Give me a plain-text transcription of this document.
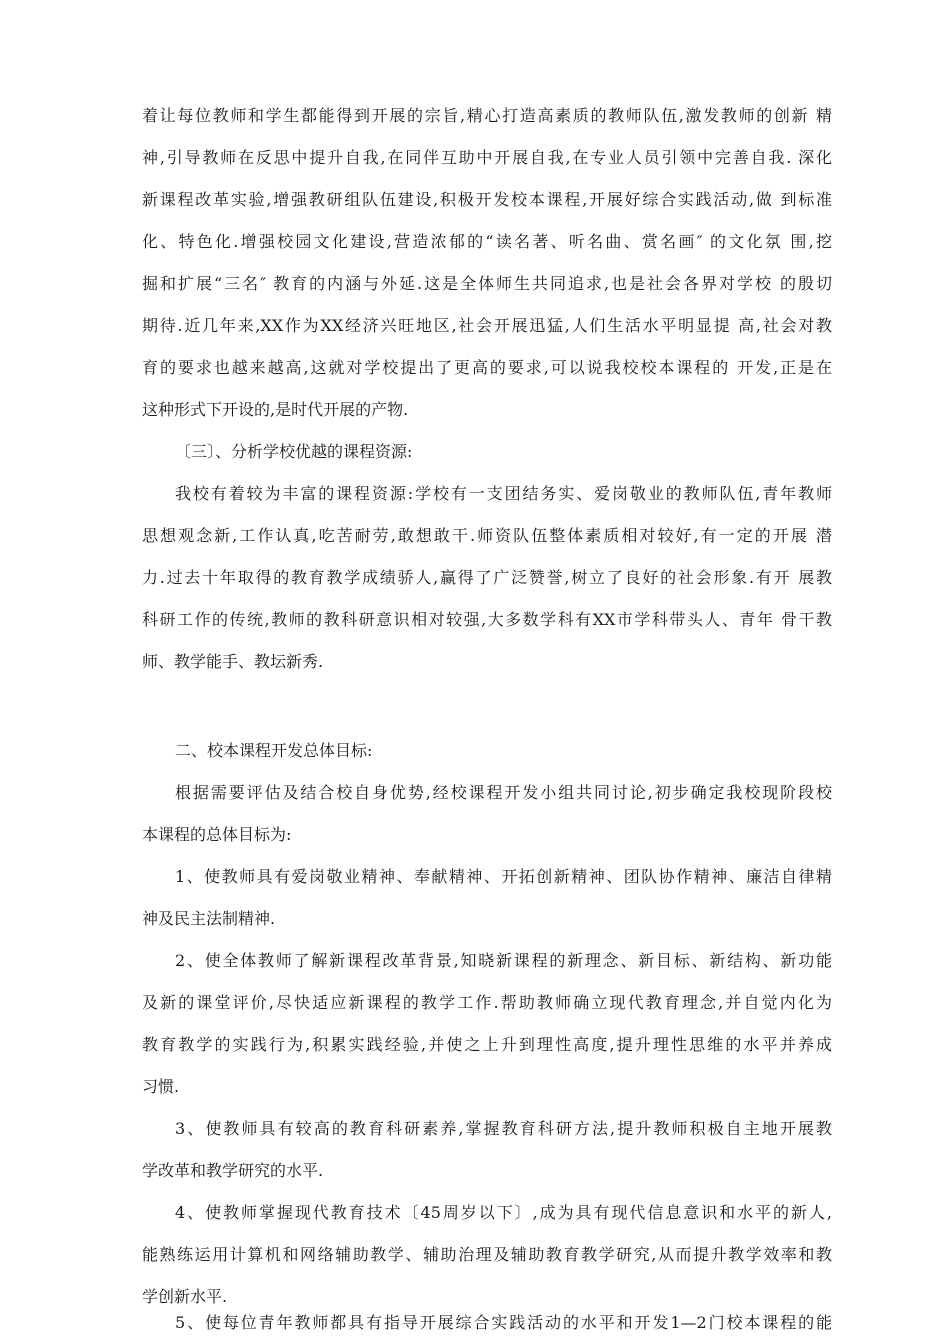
着让每位教师和学生都能得到开展的宗旨,精心打造高素质的教师队伍,激发教师的创新 精
神,引导教师在反思中提升自我,在同伴互助中开展自我,在专业人员引领中完善自我. 深化
新课程改革实验,增强教研组队伍建设,积极开发校本课程,开展好综合实践活动,做 到标准
化、特色化.增强校园文化建设,营造浓郁的“读名著、听名曲、赏名画″ 的文化氛 围,挖
掘和扩展“三名″ 教育的内涵与外延.这是全体师生共同追求,也是社会各界对学校 的殷切
期待.近几年来,XX作为XX经济兴旺地区,社会开展迅猛,人们生活水平明显提 高,社会对教
育的要求也越来越高,这就对学校提出了更高的要求,可以说我校校本课程的 开发,正是在
这种形式下开设的,是时代开展的产物.
〔三〕、分析学校优越的课程资源:
我校有着较为丰富的课程资源:学校有一支团结务实、爱岗敬业的教师队伍,青年教师
思想观念新,工作认真,吃苦耐劳,敢想敢干.师资队伍整体素质相对较好,有一定的开展 潜
力.过去十年取得的教育教学成绩骄人,赢得了广泛赞誉,树立了良好的社会形象.有开 展教
科研工作的传统,教师的教科研意识相对较强,大多数学科有XX市学科带头人、青年 骨干教
师、教学能手、教坛新秀.
二、校本课程开发总体目标:
根据需要评估及结合校自身优势,经校课程开发小组共同讨论,初步确定我校现阶段校
本课程的总体目标为:
1、使教师具有爱岗敬业精神、奉献精神、开拓创新精神、团队协作精神、廉洁自律精
神及民主法制精神.
2、使全体教师了解新课程改革背景,知晓新课程的新理念、新目标、新结构、新功能
及新的课堂评价,尽快适应新课程的教学工作.帮助教师确立现代教育理念,并自觉内化为
教育教学的实践行为,积累实践经验,并使之上升到理性高度,提升理性思维的水平并养成
习惯.
3、使教师具有较高的教育科研素养,掌握教育科研方法,提升教师积极自主地开展教
学改革和教学研究的水平.
4、使教师掌握现代教育技术〔45周岁以下〕,成为具有现代信息意识和水平的新人,
能熟练运用计算机和网络辅助教学、辅助治理及辅助教育教学研究,从而提升教学效率和教
学创新水平.
5、使每位青年教师都具有指导开展综合实践活动的水平和开发1—2门校本课程的能
